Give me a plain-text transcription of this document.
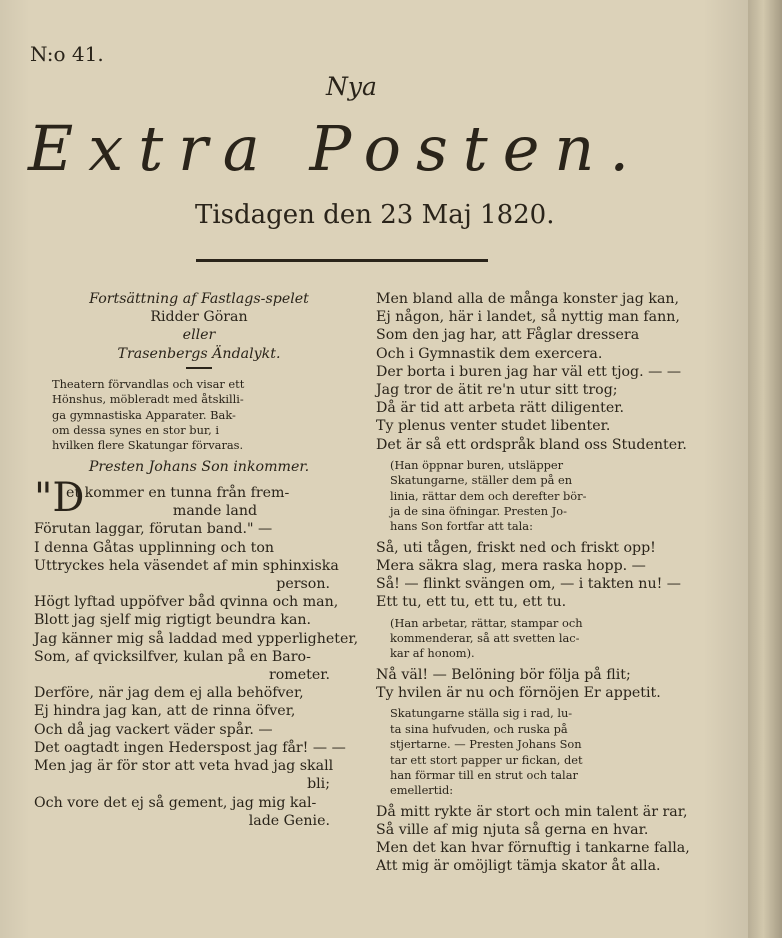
N:o 41.
Nya
Extra Posten.
Tisdagen den 23 Maj 1820.
Fortsättning af Fastlags-spelet
Ridder Göran
eller
Trasenbergs Ändalykt.
Theatern förvandlas och visar ett
Hönshus, möbleradt med åtskilli-
ga gymnastiska Apparater. Bak-
om dessa synes en stor bur, i
hvilken flere Skatungar förvaras.
Presten Johans Son inkommer.
"D
et kommer en tunna från frem-
mande land
Förutan laggar, förutan band." —
I denna Gåtas upplinning och ton
Uttryckes hela väsendet af min sphinxiska
person.
Högt lyftad uppöfver båd qvinna och man,
Blott jag sjelf mig rigtigt beundra kan.
Jag känner mig så laddad med ypperligheter,
Som, af qvicksilfver, kulan på en Baro-
rometer.
Derföre, när jag dem ej alla behöfver,
Ej hindra jag kan, att de rinna öfver,
Och då jag vackert väder spår. —
Det oagtadt ingen Hederspost jag får! — —
Men jag är för stor att veta hvad jag skall
bli;
Och vore det ej så gement, jag mig kal-
lade Genie.
Men bland alla de många konster jag kan,
Ej någon, här i landet, så nyttig man fann,
Som den jag har, att Fåglar dressera
Och i Gymnastik dem exercera.
Der borta i buren jag har väl ett tjog. — —
Jag tror de ätit re'n utur sitt trog;
Då är tid att arbeta rätt diligenter.
Ty plenus venter studet libenter.
Det är så ett ordspråk bland oss Studenter.
(Han öppnar buren, utsläpper
Skatungarne, ställer dem på en
linia, rättar dem och derefter bör-
ja de sina öfningar. Presten Jo-
hans Son fortfar att tala:
Så, uti tågen, friskt ned och friskt opp!
Mera säkra slag, mera raska hopp. —
Så! — flinkt svängen om, — i takten nu! —
Ett tu, ett tu, ett tu, ett tu.
(Han arbetar, rättar, stampar och
kommenderar, så att svetten lac-
kar af honom).
Nå väl! — Belöning bör följa på flit;
Ty hvilen är nu och förnöjen Er appetit.
Skatungarne ställa sig i rad, lu-
ta sina hufvuden, och ruska på
stjertarne. — Presten Johans Son
tar ett stort papper ur fickan, det
han förmar till en strut och talar
emellertid:
Då mitt rykte är stort och min talent är rar,
Så ville af mig njuta så gerna en hvar.
Men det kan hvar förnuftig i tankarne falla,
Att mig är omöjligt tämja skator åt alla.
